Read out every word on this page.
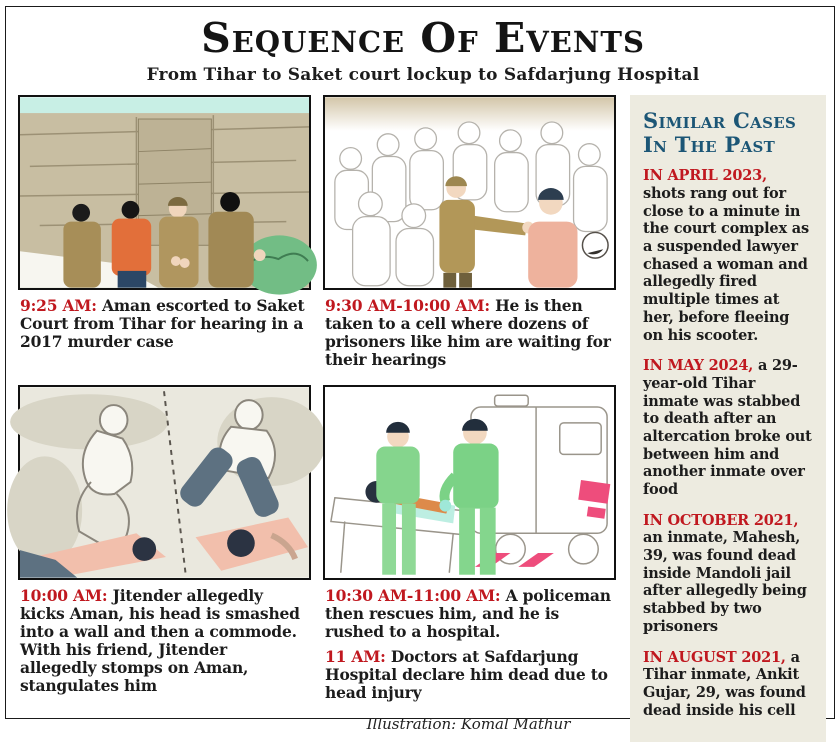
Sequence Of Events
From Tihar to Saket court lockup to Safdarjung Hospital

9:25 AM: Aman escorted to Saket Court from Tihar for hearing in a 2017 murder case

9:30 AM-10:00 AM: He is then taken to a cell where dozens of prisoners like him are waiting for their hearings

10:00 AM: Jitender allegedly kicks Aman, his head is smashed into a wall and then a commode. With his friend, Jitender allegedly stomps on Aman, stangulates him

10:30 AM-11:00 AM: A policeman then rescues him, and he is rushed to a hospital.

11 AM: Doctors at Safdarjung Hospital declare him dead due to head injury

Illustration: Komal Mathur
Similar Cases In The Past
IN APRIL 2023, shots rang out for close to a minute in the court complex as a suspended lawyer chased a woman and allegedly fired multiple times at her, before fleeing on his scooter.
IN MAY 2024, a 29-year-old Tihar inmate was stabbed to death after an altercation broke out between him and another inmate over food
IN OCTOBER 2021, an inmate, Mahesh, 39, was found dead inside Mandoli jail after allegedly being stabbed by two prisoners
IN AUGUST 2021, a Tihar inmate, Ankit Gujar, 29, was found dead inside his cell
